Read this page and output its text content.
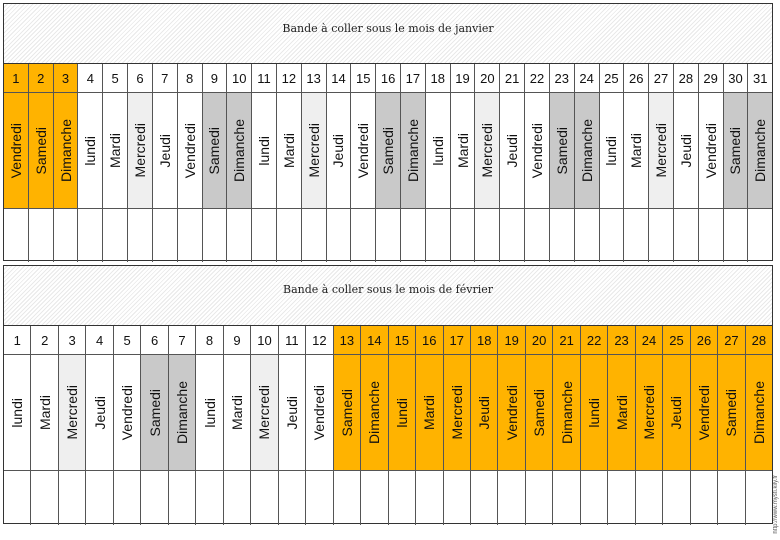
Bande à coller sous le mois de janvier
1
Vendredi
2
Samedi
3
Dimanche
4
lundi
5
Mardi
6
Mercredi
7
Jeudi
8
Vendredi
9
Samedi
10
Dimanche
11
lundi
12
Mardi
13
Mercredi
14
Jeudi
15
Vendredi
16
Samedi
17
Dimanche
18
lundi
19
Mardi
20
Mercredi
21
Jeudi
22
Vendredi
23
Samedi
24
Dimanche
25
lundi
26
Mardi
27
Mercredi
28
Jeudi
29
Vendredi
30
Samedi
31
Dimanche
Bande à coller sous le mois de février
1
lundi
2
Mardi
3
Mercredi
4
Jeudi
5
Vendredi
6
Samedi
7
Dimanche
8
lundi
9
Mardi
10
Mercredi
11
Jeudi
12
Vendredi
13
Samedi
14
Dimanche
15
lundi
16
Mardi
17
Mercredi
18
Jeudi
19
Vendredi
20
Samedi
21
Dimanche
22
lundi
23
Mardi
24
Mercredi
25
Jeudi
26
Vendredi
27
Samedi
28
Dimanche
http://www.mysti.kily.fr
